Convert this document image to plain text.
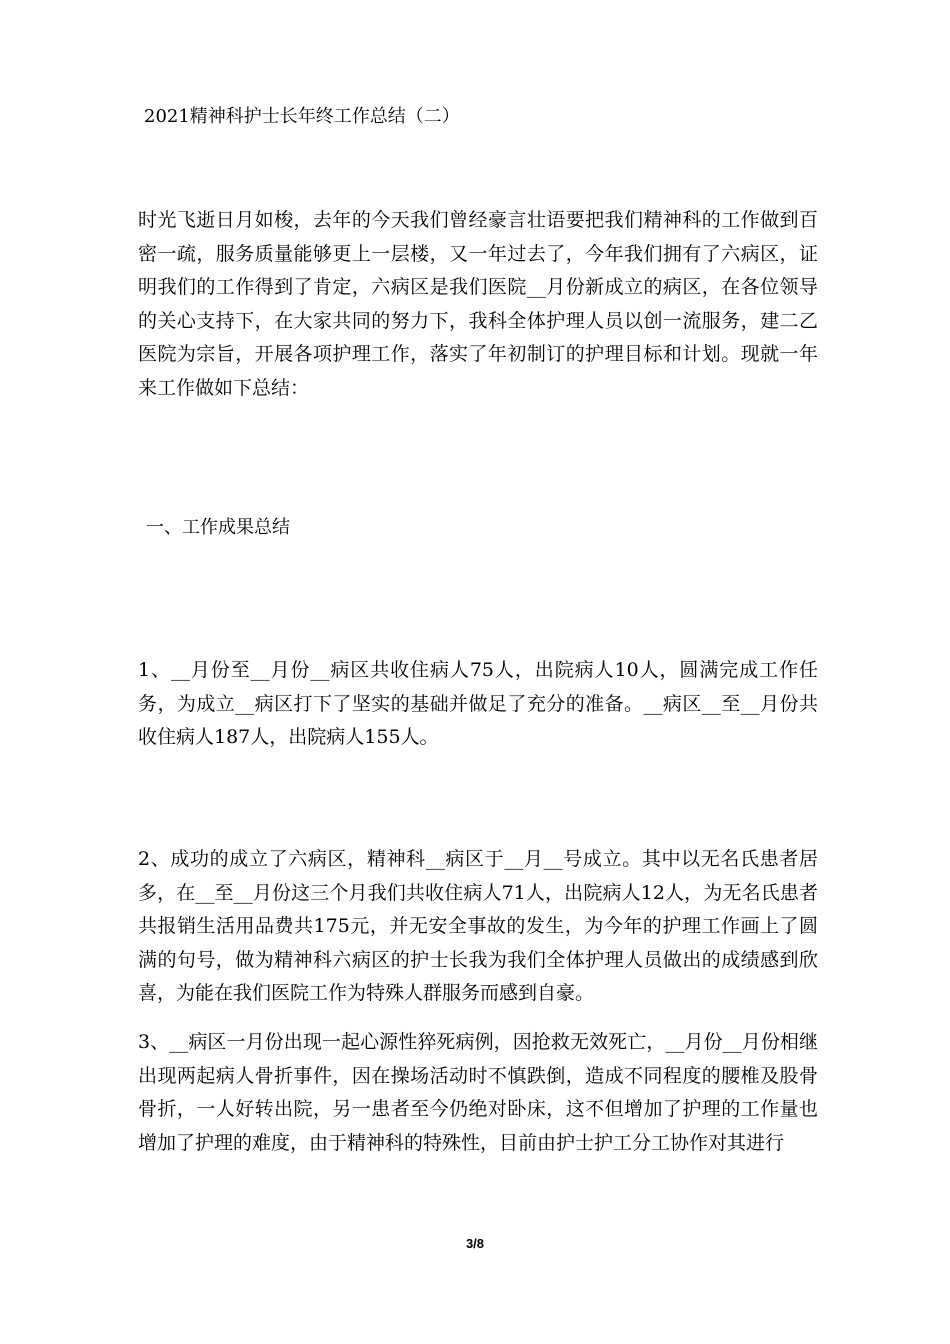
2021精神科护士长年终工作总结（二）

时光飞逝日月如梭，去年的今天我们曾经豪言壮语要把我们精神科的工作做到百密一疏，服务质量能够更上一层楼，又一年过去了，今年我们拥有了六病区，证明我们的工作得到了肯定，六病区是我们医院__月份新成立的病区，在各位领导的关心支持下，在大家共同的努力下，我科全体护理人员以创一流服务，建二乙医院为宗旨，开展各项护理工作，落实了年初制订的护理目标和计划。现就一年来工作做如下总结：

一、工作成果总结

1、__月份至__月份__病区共收住病人75人，出院病人10人，圆满完成工作任务，为成立__病区打下了坚实的基础并做足了充分的准备。__病区__至__月份共收住病人187人，出院病人155人。

2、成功的成立了六病区，精神科__病区于__月__号成立。其中以无名氏患者居多，在__至__月份这三个月我们共收住病人71人，出院病人12人，为无名氏患者共报销生活用品费共175元，并无安全事故的发生，为今年的护理工作画上了圆满的句号，做为精神科六病区的护士长我为我们全体护理人员做出的成绩感到欣喜，为能在我们医院工作为特殊人群服务而感到自豪。

3、__病区一月份出现一起心源性猝死病例，因抢救无效死亡，__月份__月份相继出现两起病人骨折事件，因在操场活动时不慎跌倒，造成不同程度的腰椎及股骨骨折，一人好转出院，另一患者至今仍绝对卧床，这不但增加了护理的工作量也增加了护理的难度，由于精神科的特殊性，目前由护士护工分工协作对其进行

3/8
